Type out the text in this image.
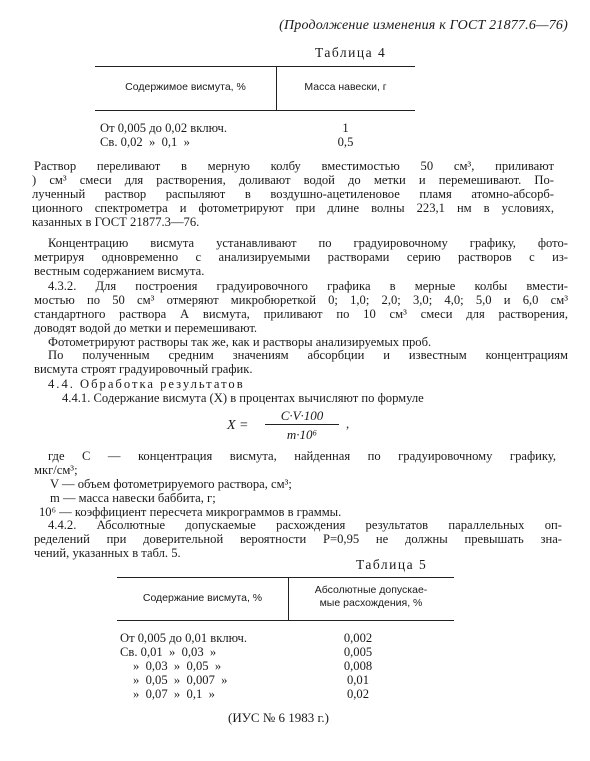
(Продолжение изменения к ГОСТ 21877.6—76)
Таблица 4
Содержимое висмута, %	Масса навески, г
От 0,005 до 0,02 включ.	1
Св. 0,02  »  0,1  »	0,5
Раствор переливают в мерную колбу вместимостью 50 см³, приливают
) см³ смеси для растворения, доливают водой до метки и перемешивают. По-
лученный раствор распыляют в воздушно-ацетиленовое пламя атомно-абсорб-
ционного спектрометра и фотометрируют при длине волны 223,1 нм в условиях,
казанных в ГОСТ 21877.3—76.
Концентрацию висмута устанавливают по градуировочному графику, фото-
метрируя одновременно с анализируемыми растворами серию растворов с из-
вестным содержанием висмута.
4.3.2. Для построения градуировочного графика в мерные колбы вмести-
мостью по 50 см³ отмеряют микробюреткой 0; 1,0; 2,0; 3,0; 4,0; 5,0 и 6,0 см³
стандартного раствора А висмута, приливают по 10 см³ смеси для растворения,
доводят водой до метки и перемешивают.
Фотометрируют растворы так же, как и растворы анализируемых проб.
По полученным средним значениям абсорбции и известным концентрациям
висмута строят градуировочный график.
4.4. Обработка результатов
4.4.1. Содержание висмута (X) в процентах вычисляют по формуле
X =
C·V·100
m·10⁶
,
где C — концентрация висмута, найденная по градуировочному графику,
мкг/см³;
V — объем фотометрируемого раствора, см³;
m — масса навески баббита, г;
10⁶ — коэффициент пересчета микрограммов в граммы.
4.4.2. Абсолютные допускаемые расхождения результатов параллельных оп-
ределений при доверительной вероятности P=0,95 не должны превышать зна-
чений, указанных в табл. 5.
Таблица 5
Содержание висмута, %
Абсолютные допускае-
мые расхождения, %
От 0,005 до 0,01 включ.	0,002
Св. 0,01  »  0,03  »	0,005
»  0,03  »  0,05  »	0,008
»  0,05  »  0,007  »	0,01
»  0,07  »  0,1  »	0,02
(ИУС № 6 1983 г.)
